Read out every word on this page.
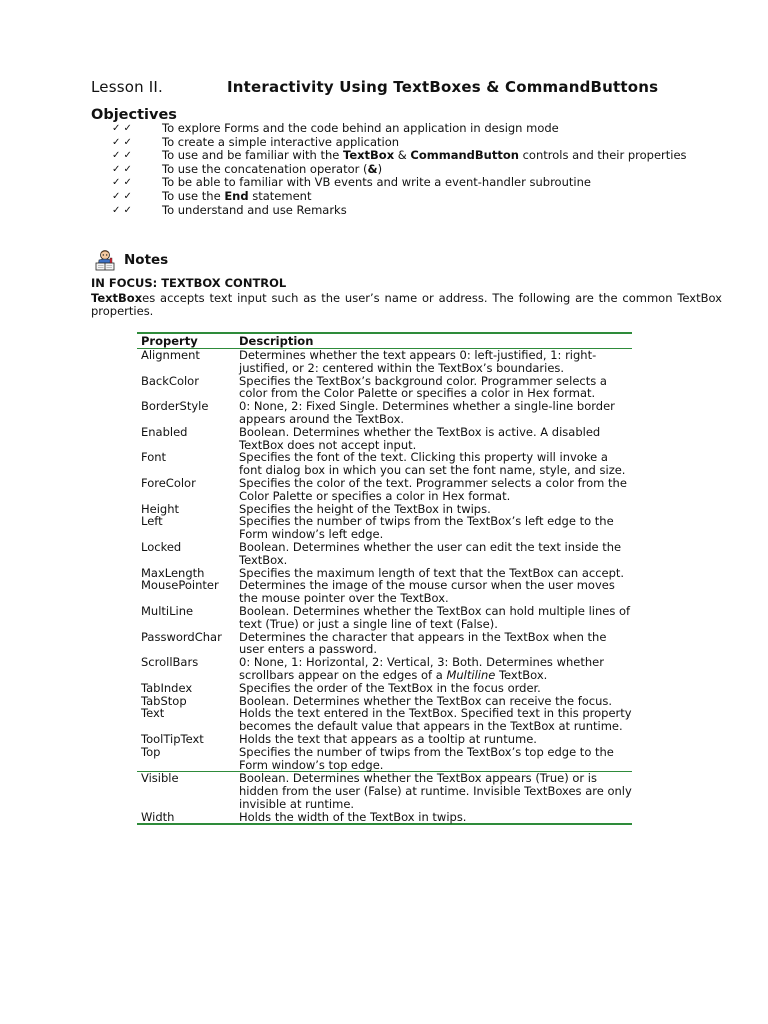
Lesson II.	Interactivity Using TextBoxes & CommandButtons
Objectives
✓ ✓	To explore Forms and the code behind an application in design mode
✓ ✓	To create a simple interactive application
✓ ✓	To use and be familiar with the TextBox & CommandButton controls and their properties
✓ ✓	To use the concatenation operator (&)
✓ ✓	To be able to familiar with VB events and write a event-handler subroutine
✓ ✓	To use the End statement
✓ ✓	To understand and use Remarks
Notes
IN FOCUS: TEXTBOX CONTROL
TextBoxes accepts text input such as the user’s name or address. The following are the common TextBox properties.
Property	Description
Alignment	Determines whether the text appears 0: left-justified, 1: right-justified, or 2: centered within the TextBox’s boundaries.
BackColor	Specifies the TextBox’s background color. Programmer selects a color from the Color Palette or specifies a color in Hex format.
BorderStyle	0: None, 2: Fixed Single. Determines whether a single-line border appears around the TextBox.
Enabled	Boolean. Determines whether the TextBox is active. A disabled TextBox does not accept input.
Font	Specifies the font of the text. Clicking this property will invoke a font dialog box in which you can set the font name, style, and size.
ForeColor	Specifies the color of the text. Programmer selects a color from the Color Palette or specifies a color in Hex format.
Height	Specifies the height of the TextBox in twips.
Left	Specifies the number of twips from the TextBox’s left edge to the Form window’s left edge.
Locked	Boolean. Determines whether the user can edit the text inside the TextBox.
MaxLength	Specifies the maximum length of text that the TextBox can accept.
MousePointer	Determines the image of the mouse cursor when the user moves the mouse pointer over the TextBox.
MultiLine	Boolean. Determines whether the TextBox can hold multiple lines of text (True) or just a single line of text (False).

PasswordChar	Determines the character that appears in the TextBox when the user enters a password.
ScrollBars	0: None, 1: Horizontal, 2: Vertical, 3: Both. Determines whether scrollbars appear on the edges of a Multiline TextBox.
TabIndex	Specifies the order of the TextBox in the focus order.
TabStop	Boolean. Determines whether the TextBox can receive the focus.
Text	Holds the text entered in the TextBox. Specified text in this property becomes the default value that appears in the TextBox at runtime.
ToolTipText	Holds the text that appears as a tooltip at runtume.
Top	Specifies the number of twips from the TextBox’s top edge to the Form window’s top edge.
Visible	Boolean. Determines whether the TextBox appears (True) or is hidden from the user (False) at runtime. Invisible TextBoxes are only invisible at runtime.
Width	Holds the width of the TextBox in twips.
